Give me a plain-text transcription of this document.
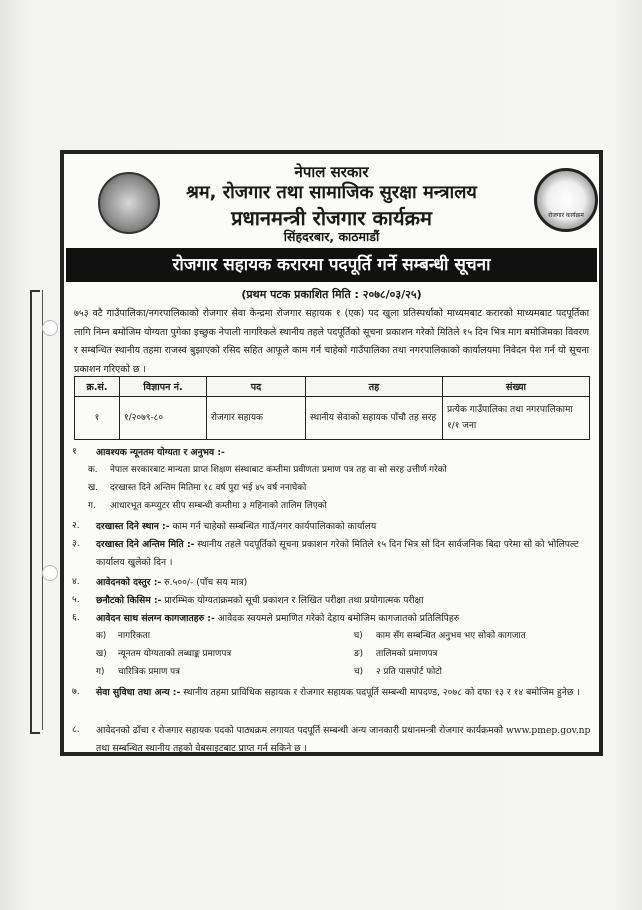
रोजगार कार्यक्रम
नेपाल सरकार
श्रम, रोजगार तथा सामाजिक सुरक्षा मन्त्रालय
प्रधानमन्त्री रोजगार कार्यक्रम
सिंहदरबार, काठमाडौं
रोजगार सहायक करारमा पदपूर्ति गर्ने सम्बन्धी सूचना
(प्रथम पटक प्रकाशित मिति : २०७८/०३/२५)
७५३ वटै गाउँपालिका/नगरपालिकाको रोजगार सेवा केन्द्रमा रोजगार सहायक १ (एक) पद खुला प्रतिस्पर्धाको माध्यमबाट करारको माध्यमबाट पदपूर्तिका लागि निम्न बमोजिम योग्यता पुगेका इच्छुक नेपाली नागरिकले स्थानीय तहले पदपूर्तिको सूचना प्रकाशन गरेको मितिले १५ दिन भित्र माग बमोजिमका विवरण र सम्बन्धित स्थानीय तहमा राजस्व बुझाएको रसिद सहित आफूले काम गर्न चाहेको गाउँपालिका तथा नगरपालिकाको कार्यालयमा निवेदन पेश गर्न यो सूचना प्रकाशन गरिएको छ ।
क्र.सं.	विज्ञापन नं.	पद	तह	संख्या
१	१/२०७९-८०	रोजगार सहायक	स्थानीय सेवाको सहायक पाँचौ तह सरह	प्रत्येक गाउँपालिका तथा नगरपालिकामा १/१ जना
१	आवश्यक न्यूनतम योग्यता र अनुभव :-
क. नेपाल सरकारबाट मान्यता प्राप्त शिक्षण संस्थाबाट कम्तीमा प्रवीणता प्रमाण पत्र तह वा सो सरह उत्तीर्ण गरेको
ख. दरखास्त दिने अन्तिम मितिमा १८ वर्ष पुरा भई ४५ वर्ष ननाघेको
ग. आधारभूत कम्प्युटर सीप सम्बन्धी कम्तीमा ३ महिनाको तालिम लिएको
२.	दरखास्त दिने स्थान :- काम गर्न चाहेको सम्बन्धित गाउँ/नगर कार्यपालिकाको कार्यालय
३.	दरखास्त दिने अन्तिम मिति :- स्थानीय तहले पदपूर्तिको सूचना प्रकाशन गरेको मितिले १५ दिन भित्र सो दिन सार्वजनिक बिदा परेमा सो को भोलिपल्ट कार्यालय खुलेको दिन ।
४.	आवेदनको दस्तुर :- रु.५००/- (पाँच सय मात्र)
५.	छनौटको किसिम :- प्रारम्भिक योग्यताक्रमको सूची प्रकाशन र लिखित परीक्षा तथा प्रयोगात्मक परीक्षा
६.	आवेदन साथ संलग्न कागजातहरु :- आवेदक स्वयमले प्रमाणित गरेको देहाय बमोजिम कागजातको प्रतिलिपिहरु
क) नागरिकता
ख) न्यूनतम योग्यताको लब्धाङ्क प्रमाणपत्र
ग) चारित्रिक प्रमाण पत्र
घ) काम सँग सम्बन्धित अनुभव भए सोको कागजात
ङ) तालिमको प्रमाणपत्र
च) २ प्रति पासपोर्ट फोटो
७.	सेवा सुविधा तथा अन्य :- स्थानीय तहमा प्राविधिक सहायक र रोजगार सहायक पदपूर्ति सम्बन्धी मापदण्ड, २०७८ को दफा १३ र १४ बमोजिम हुनेछ ।
८.	आवेदनको ढाँचा र रोजगार सहायक पदको पाठ्यक्रम लगायत पदपूर्ति सम्बन्धी अन्य जानकारी प्रधानमन्त्री रोजगार कार्यक्रमको www.pmep.gov.np तथा सम्बन्धित स्थानीय तहको वेबसाइटबाट प्राप्त गर्न सकिने छ ।
